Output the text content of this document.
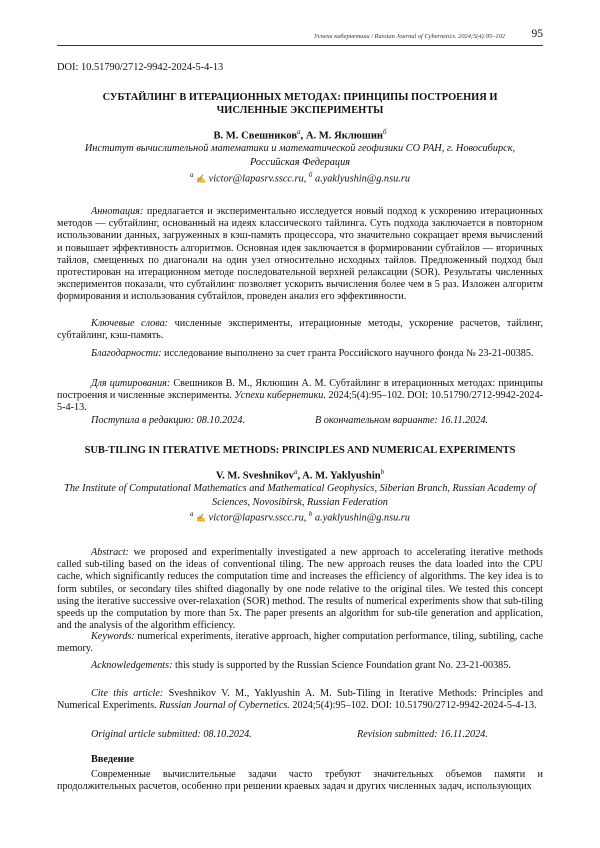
Успехи кибернетики / Russian Journal of Cybernetics. 2024;5(4):95–102 95
DOI: 10.51790/2712-9942-2024-5-4-13
СУБТАЙЛИНГ В ИТЕРАЦИОННЫХ МЕТОДАХ: ПРИНЦИПЫ ПОСТРОЕНИЯ И ЧИСЛЕННЫЕ ЭКСПЕРИМЕНТЫ
В. М. Свешников$^а$, А. М. Яклюшин$^б$
Институт вычислительной математики и математической геофизики СО РАН, г. Новосибирск, Российская Федерация
$^а$ ✍ victor@lapasrv.sscc.ru, $^б$ a.yaklyushin@g.nsu.ru

Аннотация: предлагается и экспериментально исследуется новый подход к ускорению итерационных методов — субтайлинг, основанный на идеях классического тайлинга. Суть подхода заключается в повторном использовании данных, загруженных в кэш-память процессора, что значительно сокращает время вычислений и повышает эффективность алгоритмов. Основная идея заключается в формировании субтайлов — вторичных тайлов, смещенных по диагонали на один узел относительно исходных тайлов. Предложенный подход был протестирован на итерационном методе последовательной верхней релаксации (SOR). Результаты численных экспериментов показали, что субтайлинг позволяет ускорить вычисления более чем в 5 раз. Изложен алгоритм формирования и использования субтайлов, проведен анализ его эффективности.

Ключевые слова: численные эксперименты, итерационные методы, ускорение расчетов, тайлинг, субтайлинг, кэш-память.

Благодарности: исследование выполнено за счет гранта Российского научного фонда № 23-21-00385.

Для цитирования: Свешников В. М., Яклюшин А. М. Субтайлинг в итерационных методах: принципы построения и численные эксперименты. Успехи кибернетики. 2024;5(4):95–102. DOI: 10.51790/2712-9942-2024-5-4-13.

Поступила в редакцию: 08.10.2024.	В окончательном варианте: 16.11.2024.
SUB-TILING IN ITERATIVE METHODS: PRINCIPLES AND NUMERICAL EXPERIMENTS
V. M. Sveshnikov$^a$, A. M. Yaklyushin$^b$
The Institute of Computational Mathematics and Mathematical Geophysics, Siberian Branch, Russian Academy of Sciences, Novosibirsk, Russian Federation
$^a$ ✍ victor@lapasrv.sscc.ru, $^b$ a.yaklyushin@g.nsu.ru

Abstract: we proposed and experimentally investigated a new approach to accelerating iterative methods called sub-tiling based on the ideas of conventional tiling. The new approach reuses the data loaded into the CPU cache, which significantly reduces the computation time and increases the efficiency of algorithms. The key idea is to form subtiles, or secondary tiles shifted diagonally by one node relative to the original tiles. We tested this concept using the iterative successive over-relaxation (SOR) method. The results of numerical experiments show that sub-tiling speeds up the computation by more than 5x. The paper presents an algorithm for sub-tile generation and application, and the analysis of the algorithm efficiency.

Keywords: numerical experiments, iterative approach, higher computation performance, tiling, subtiling, cache memory.

Acknowledgements: this study is supported by the Russian Science Foundation grant No. 23-21-00385.

Cite this article: Sveshnikov V. M., Yaklyushin A. M. Sub-Tiling in Iterative Methods: Principles and Numerical Experiments. Russian Journal of Cybernetics. 2024;5(4):95–102. DOI: 10.51790/2712-9942-2024-5-4-13.

Original article submitted: 08.10.2024.	Revision submitted: 16.11.2024.
Введение

Современные вычислительные задачи часто требуют значительных объемов памяти и продолжительных расчетов, особенно при решении краевых задач и других численных задач, использующих
